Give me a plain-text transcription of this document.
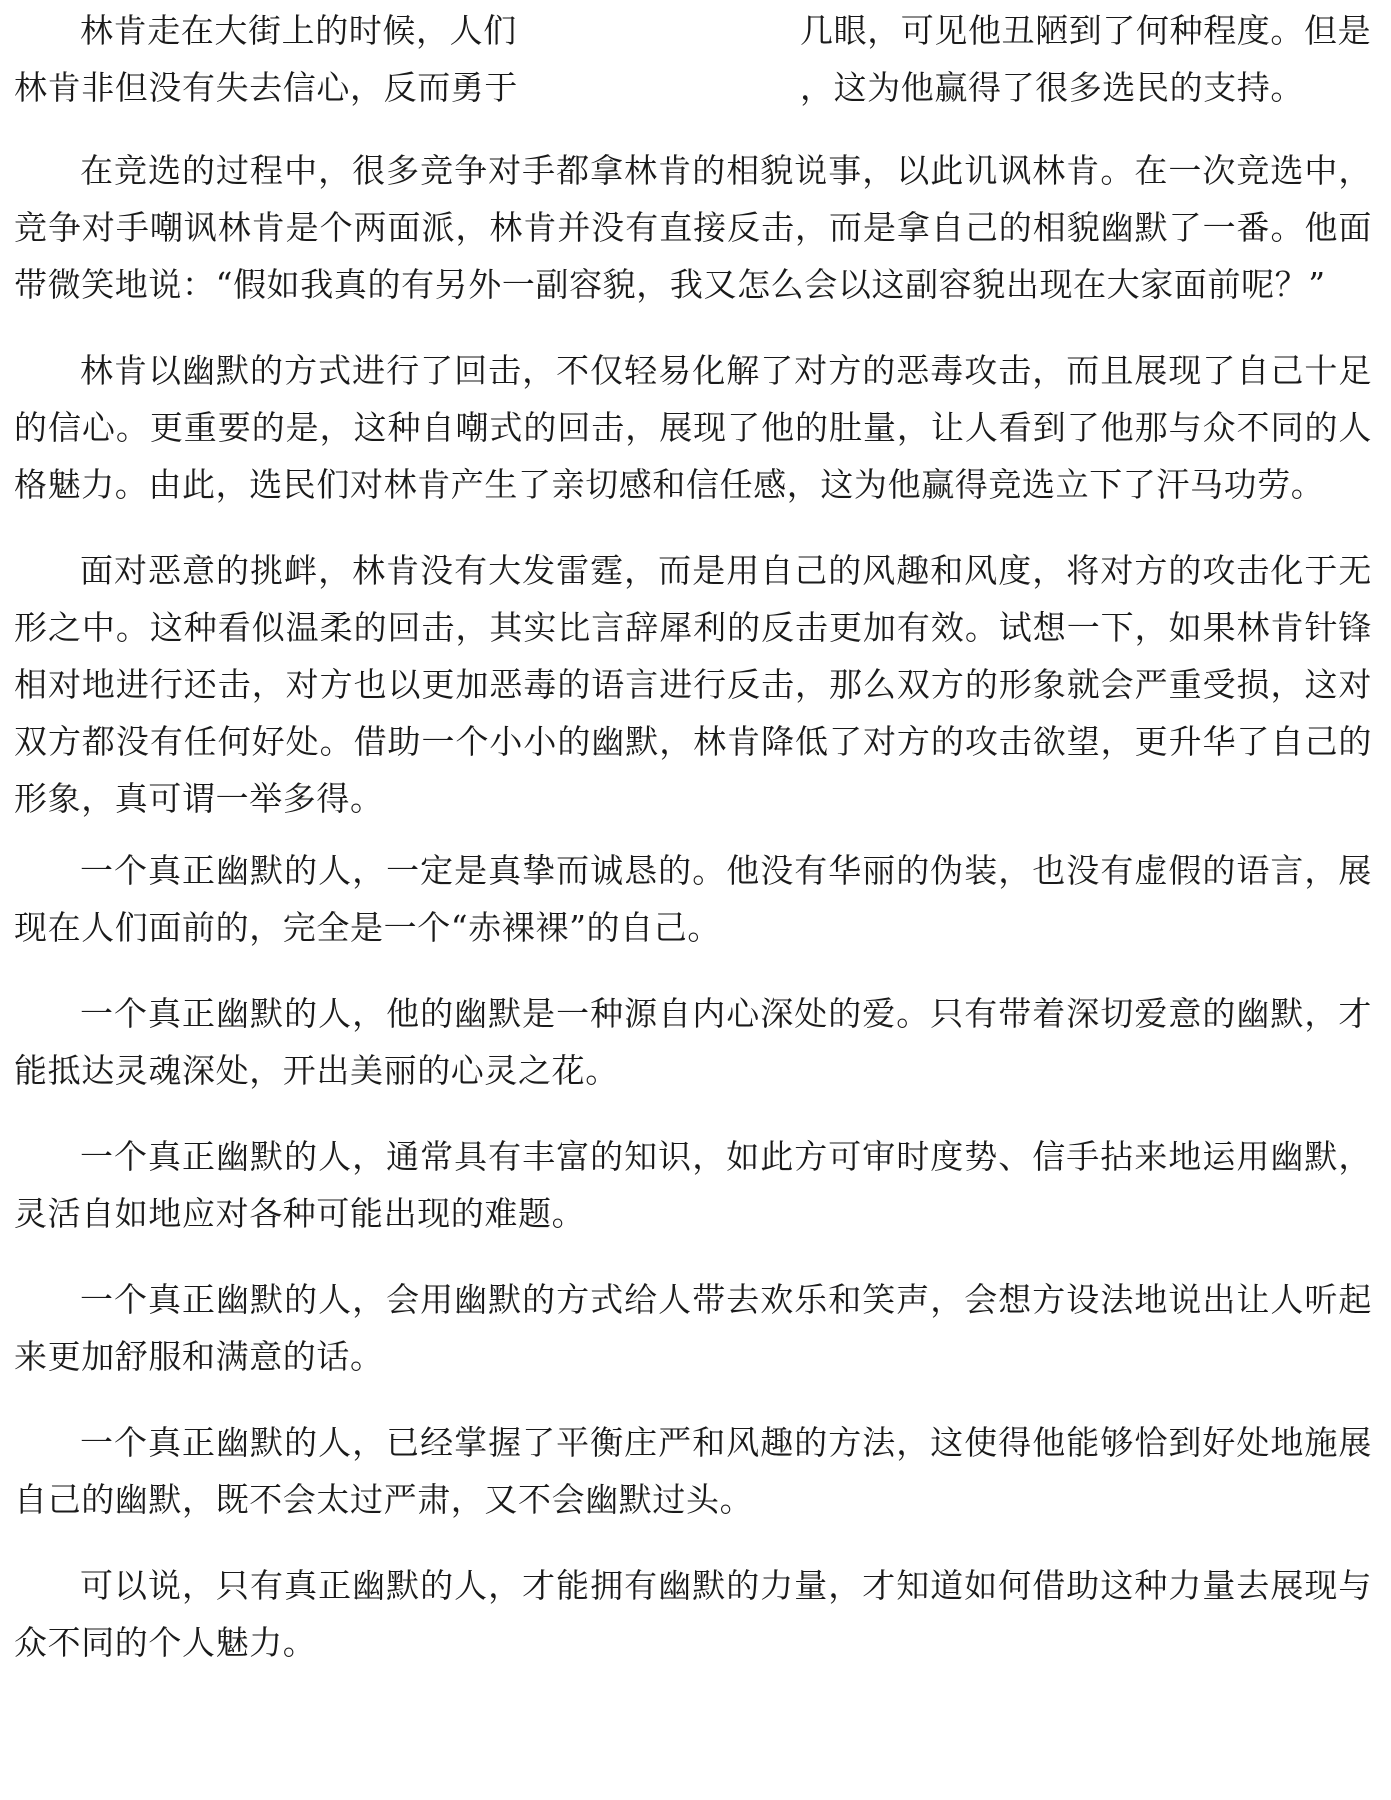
林肯走在大街上的时候，人们	几眼，可见他丑陋到了何种程度。但是
林肯非但没有失去信心，反而勇于	，这为他赢得了很多选民的支持。

在竞选的过程中，很多竞争对手都拿林肯的相貌说事，以此讥讽林肯。在一次竞选中，竞争对手嘲讽林肯是个两面派，林肯并没有直接反击，而是拿自己的相貌幽默了一番。他面带微笑地说：“假如我真的有另外一副容貌，我又怎么会以这副容貌出现在大家面前呢？”

林肯以幽默的方式进行了回击，不仅轻易化解了对方的恶毒攻击，而且展现了自己十足的信心。更重要的是，这种自嘲式的回击，展现了他的肚量，让人看到了他那与众不同的人格魅力。由此，选民们对林肯产生了亲切感和信任感，这为他赢得竞选立下了汗马功劳。

面对恶意的挑衅，林肯没有大发雷霆，而是用自己的风趣和风度，将对方的攻击化于无形之中。这种看似温柔的回击，其实比言辞犀利的反击更加有效。试想一下，如果林肯针锋相对地进行还击，对方也以更加恶毒的语言进行反击，那么双方的形象就会严重受损，这对双方都没有任何好处。借助一个小小的幽默，林肯降低了对方的攻击欲望，更升华了自己的形象，真可谓一举多得。

一个真正幽默的人，一定是真挚而诚恳的。他没有华丽的伪装，也没有虚假的语言，展现在人们面前的，完全是一个“赤裸裸”的自己。

一个真正幽默的人，他的幽默是一种源自内心深处的爱。只有带着深切爱意的幽默，才能抵达灵魂深处，开出美丽的心灵之花。

一个真正幽默的人，通常具有丰富的知识，如此方可审时度势、信手拈来地运用幽默，灵活自如地应对各种可能出现的难题。

一个真正幽默的人，会用幽默的方式给人带去欢乐和笑声，会想方设法地说出让人听起来更加舒服和满意的话。

一个真正幽默的人，已经掌握了平衡庄严和风趣的方法，这使得他能够恰到好处地施展自己的幽默，既不会太过严肃，又不会幽默过头。

可以说，只有真正幽默的人，才能拥有幽默的力量，才知道如何借助这种力量去展现与众不同的个人魅力。
